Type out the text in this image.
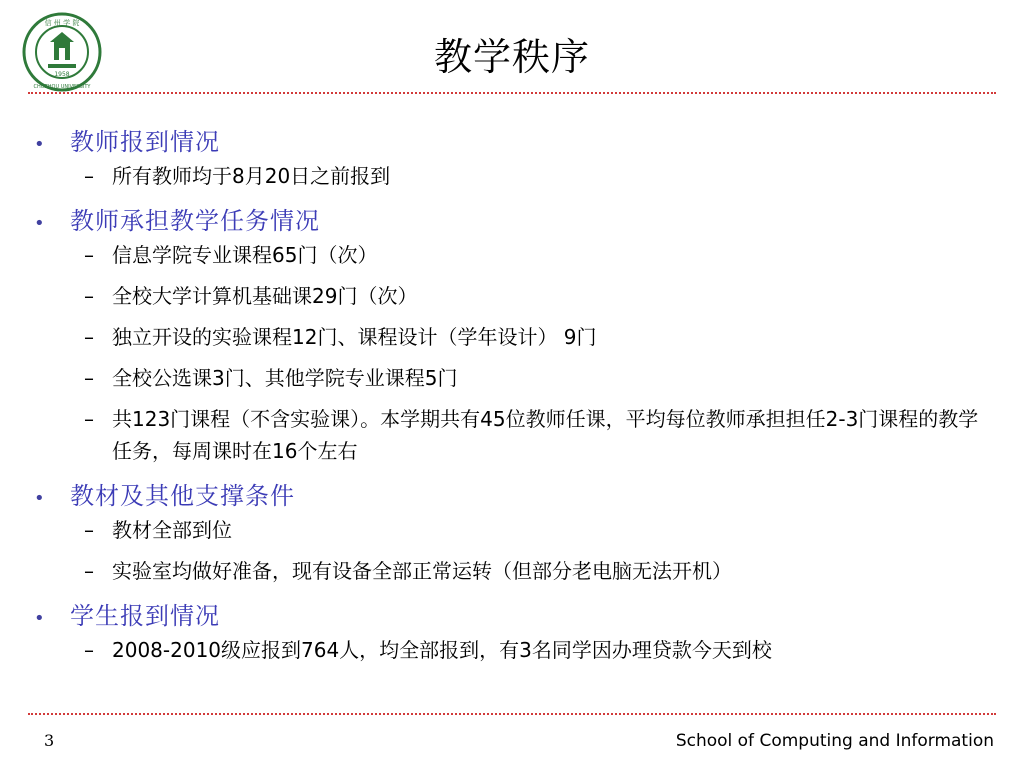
1958
信 州 学 院
CHUZHOU UNIVERSITY
教学秩序
•	教师报到情况
– 所有教师均于8月20日之前报到
•	教师承担教学任务情况
– 信息学院专业课程65门（次）
– 全校大学计算机基础课29门（次）
– 独立开设的实验课程12门、课程设计（学年设计） 9门
– 全校公选课3门、其他学院专业课程5门
– 共123门课程（不含实验课）。本学期共有45位教师任课，平均每位教师承担担任2-3门课程的教学任务，每周课时在16个左右
•	教材及其他支撑条件
– 教材全部到位
– 实验室均做好准备，现有设备全部正常运转（但部分老电脑无法开机）
•	学生报到情况
– 2008-2010级应报到764人，均全部报到，有3名同学因办理贷款今天到校
3	School of Computing and Information
